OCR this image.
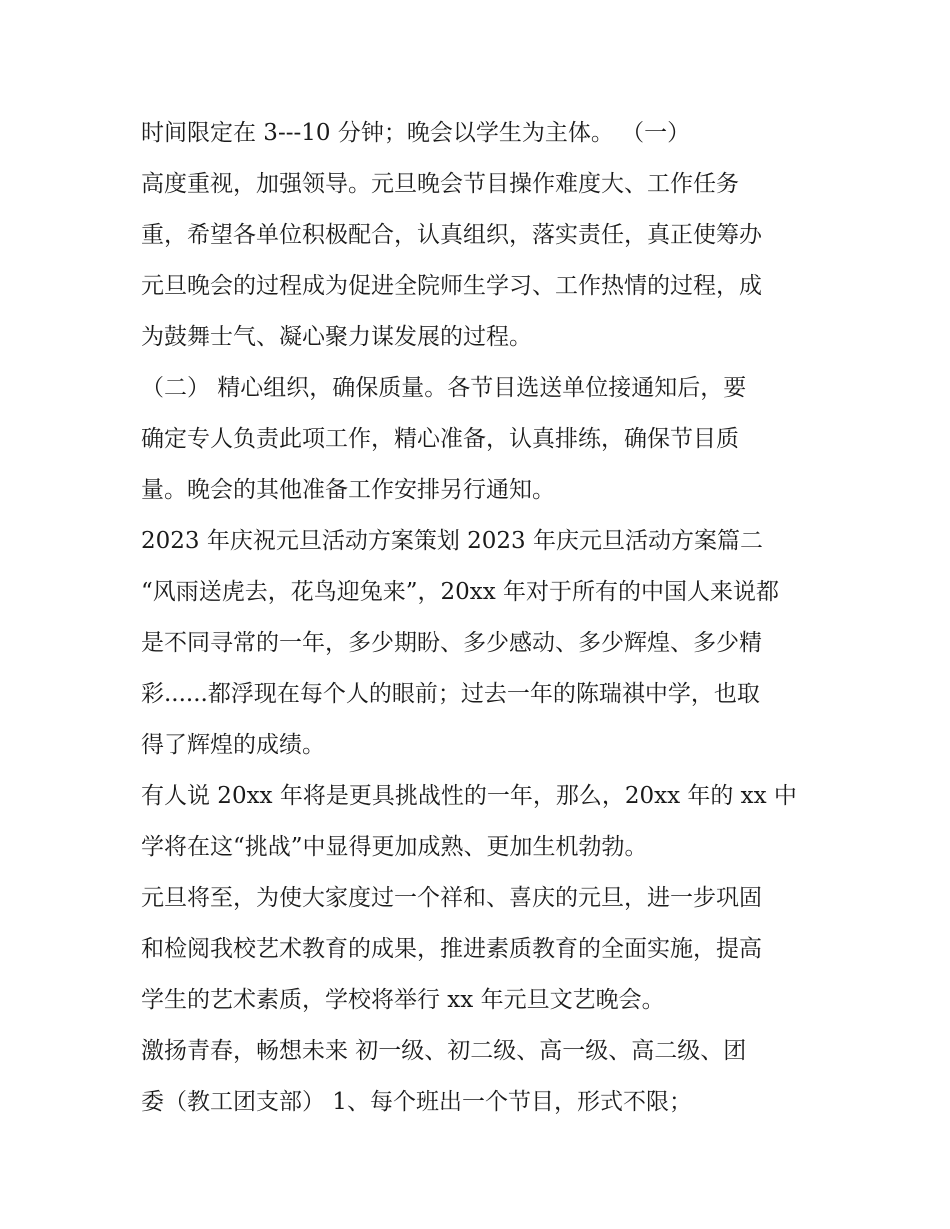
时间限定在 3---10 分钟；晚会以学生为主体。 （一）

高度重视，加强领导。元旦晚会节目操作难度大、工作任务

重，希望各单位积极配合，认真组织，落实责任，真正使筹办

元旦晚会的过程成为促进全院师生学习、工作热情的过程，成

为鼓舞士气、凝心聚力谋发展的过程。

（二） 精心组织，确保质量。各节目选送单位接通知后，要

确定专人负责此项工作，精心准备，认真排练，确保节目质

量。晚会的其他准备工作安排另行通知。

2023 年庆祝元旦活动方案策划 2023 年庆元旦活动方案篇二

“风雨送虎去，花鸟迎兔来”，20xx 年对于所有的中国人来说都

是不同寻常的一年，多少期盼、多少感动、多少辉煌、多少精

彩......都浮现在每个人的眼前；过去一年的陈瑞祺中学，也取

得了辉煌的成绩。

有人说 20xx 年将是更具挑战性的一年，那么，20xx 年的 xx 中

学将在这“挑战”中显得更加成熟、更加生机勃勃。

元旦将至，为使大家度过一个祥和、喜庆的元旦，进一步巩固

和检阅我校艺术教育的成果，推进素质教育的全面实施，提高

学生的艺术素质，学校将举行 xx 年元旦文艺晚会。

激扬青春，畅想未来 初一级、初二级、高一级、高二级、团

委（教工团支部） 1、每个班出一个节目，形式不限；
